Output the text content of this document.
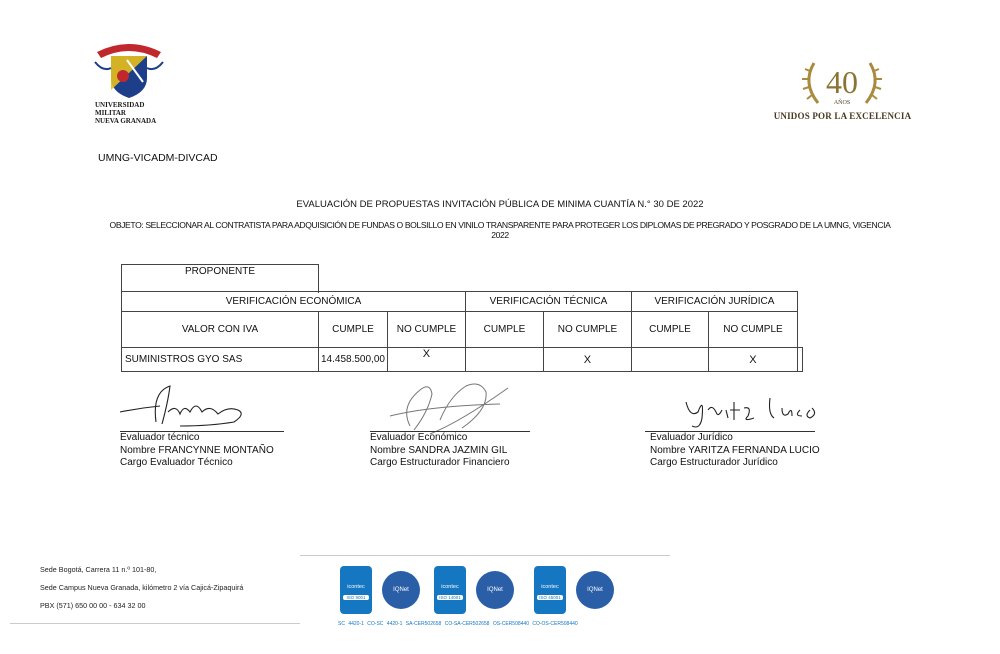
UNIVERSIDAD MILITAR
NUEVA GRANADA
40
AÑOS
UNIDOS POR LA EXCELENCIA
UMNG-VICADM-DIVCAD
EVALUACIÓN DE PROPUESTAS INVITACIÓN PÚBLICA DE MINIMA CUANTÍA N.° 30 DE 2022
OBJETO: SELECCIONAR AL CONTRATISTA PARA ADQUISICIÓN DE FUNDAS O BOLSILLO EN VINILO TRANSPARENTE PARA PROTEGER LOS DIPLOMAS DE PREGRADO Y POSGRADO DE LA UMNG, VIGENCIA 2022
PROPONENTE							

VERIFICACIÓN ECONÓMICA			VERIFICACIÓN TÉCNICA		VERIFICACIÓN JURÍDICA		
VALOR CON IVA	CUMPLE	NO CUMPLE	CUMPLE	NO CUMPLE	CUMPLE	NO CUMPLE	
SUMINISTROS GYO SAS	14.458.500,00	X		X		X	
Evaluador técnico
Nombre FRANCYNNE MONTAÑO
Cargo Evaluador Técnico
Evaluador Económico
Nombre SANDRA JAZMIN GIL
Cargo Estructurador Financiero
Evaluador Jurídico
Nombre YARITZA FERNANDA LUCIO
Cargo Estructurador Jurídico
Sede Bogotá, Carrera 11 n.º 101-80,
Sede Campus Nueva Granada, kilómetro 2 vía Cajicá-Zipaquirá
PBX (571) 650 00 00 - 634 32 00
icontec
ISO 9001
IQNet	icontec
ISO 14001
IQNet	icontec
ISO 45001
IQNet
SC 4420-1 CO-SC 4420-1 SA-CER502658 CO-SA-CER502658 OS-CER508440 CO-OS-CER508440
